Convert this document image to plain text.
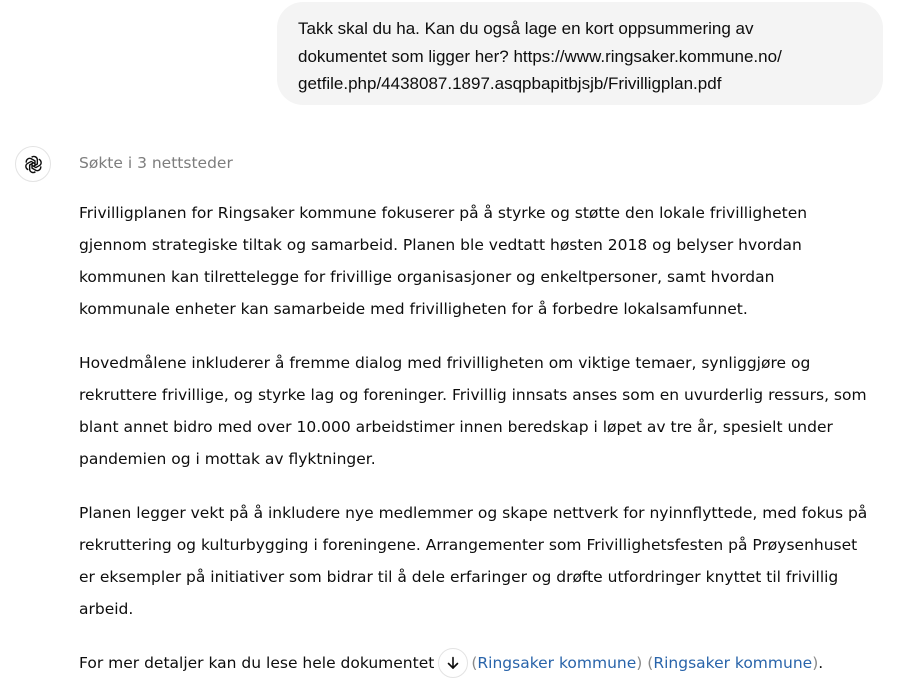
Takk skal du ha. Kan du også lage en kort oppsummering av
dokumentet som ligger her? https://www.ringsaker.kommune.no/
getfile.php/4438087.1897.asqpbapitbjsjb/Frivilligplan.pdf
Søkte i 3 nettsteder

Frivilligplanen for Ringsaker kommune fokuserer på å styrke og støtte den lokale frivilligheten
gjennom strategiske tiltak og samarbeid. Planen ble vedtatt høsten 2018 og belyser hvordan
kommunen kan tilrettelegge for frivillige organisasjoner og enkeltpersoner, samt hvordan
kommunale enheter kan samarbeide med frivilligheten for å forbedre lokalsamfunnet.

Hovedmålene inkluderer å fremme dialog med frivilligheten om viktige temaer, synliggjøre og
rekruttere frivillige, og styrke lag og foreninger. Frivillig innsats anses som en uvurderlig ressurs, som
blant annet bidro med over 10.000 arbeidstimer innen beredskap i løpet av tre år, spesielt under
pandemien og i mottak av flyktninger.

Planen legger vekt på å inkludere nye medlemmer og skape nettverk for nyinnflyttede, med fokus på
rekruttering og kulturbygging i foreningene. Arrangementer som Frivillighetsfesten på Prøysenhuset
er eksempler på initiativer som bidrar til å dele erfaringer og drøfte utfordringer knyttet til frivillig
arbeid.

For mer detaljer kan du lese hele dokumentet ( Ringsaker kommune )
( Ringsaker kommune ) .
